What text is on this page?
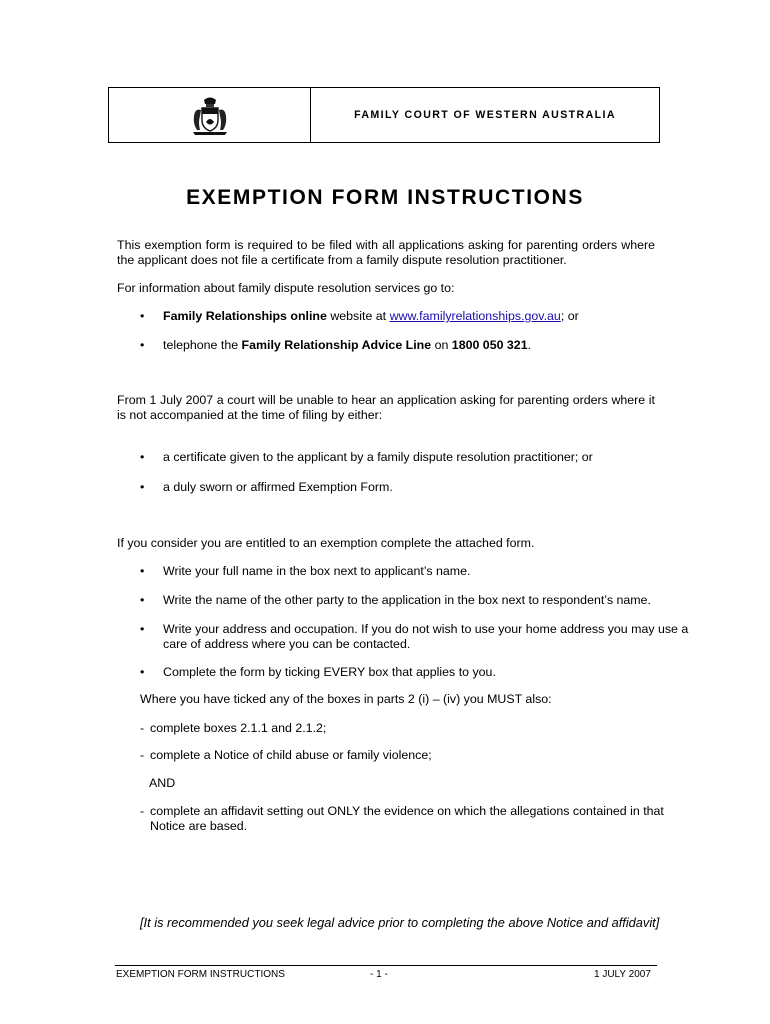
FAMILY COURT OF WESTERN AUSTRALIA
EXEMPTION FORM INSTRUCTIONS

This exemption form is required to be filed with all applications asking for parenting orders where the applicant does not file a certificate from a family dispute resolution practitioner.

For information about family dispute resolution services go to:

•	Family Relationships online website at www.familyrelationships.gov.au; or

•	telephone the Family Relationship Advice Line on 1800 050 321.

From 1 July 2007 a court will be unable to hear an application asking for parenting orders where it is not accompanied at the time of filing by either:

•	a certificate given to the applicant by a family dispute resolution practitioner; or

•	a duly sworn or affirmed Exemption Form.

If you consider you are entitled to an exemption complete the attached form.

•	Write your full name in the box next to applicant’s name.

•	Write the name of the other party to the application in the box next to respondent’s name.

•	Write your address and occupation. If you do not wish to use your home address you may use a care of address where you can be contacted.

•	Complete the form by ticking EVERY box that applies to you.

Where you have ticked any of the boxes in parts 2 (i) – (iv) you MUST also:

- complete boxes 2.1.1 and 2.1.2;

- complete a Notice of child abuse or family violence;

AND

- complete an affidavit setting out ONLY the evidence on which the allegations contained in that Notice are based.

[It is recommended you seek legal advice prior to completing the above Notice and affidavit]

EXEMPTION FORM INSTRUCTIONS	- 1 -	1 JULY 2007
